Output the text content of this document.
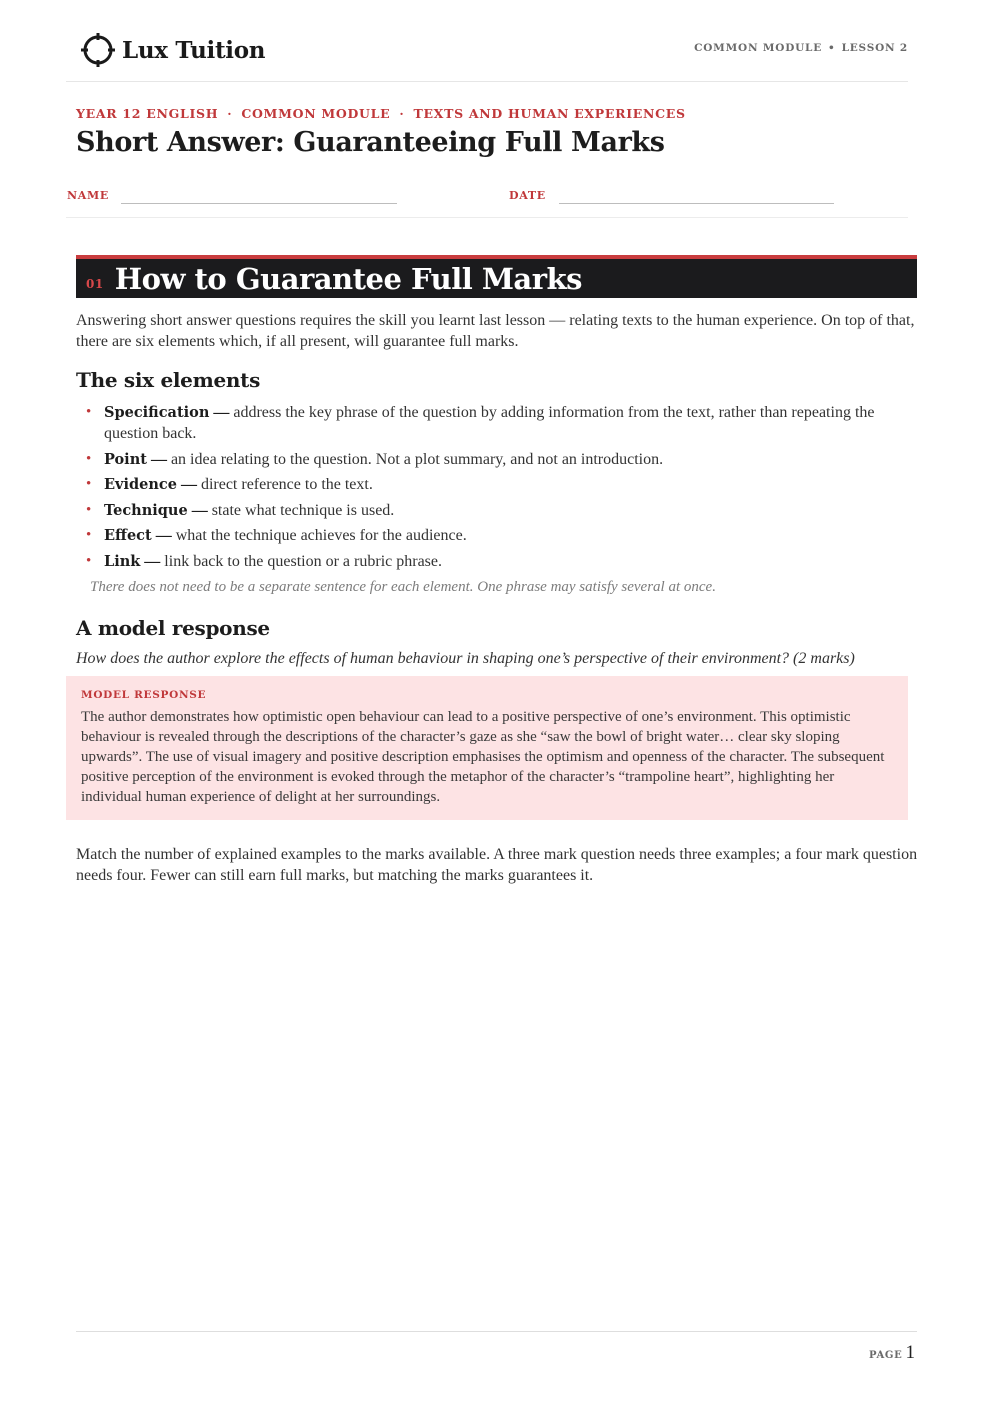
Lux Tuition	COMMON MODULE • LESSON 2
YEAR 12 ENGLISH · COMMON MODULE · TEXTS AND HUMAN EXPERIENCES
Short Answer: Guaranteeing Full Marks
NAME	DATE
01 How to Guarantee Full Marks

Answering short answer questions requires the skill you learnt last lesson — relating texts to the human experience. On top of that, there are six elements which, if all present, will guarantee full marks.

The six elements
• Specification — address the key phrase of the question by adding information from the text, rather than repeating the question back.
• Point — an idea relating to the question. Not a plot summary, and not an introduction.
• Evidence — direct reference to the text.
• Technique — state what technique is used.
• Effect — what the technique achieves for the audience.
• Link — link back to the question or a rubric phrase.
There does not need to be a separate sentence for each element. One phrase may satisfy several at once.
A model response
How does the author explore the effects of human behaviour in shaping one’s perspective of their environment? (2 marks)
MODEL RESPONSE

The author demonstrates how optimistic open behaviour can lead to a positive perspective of one’s environment. This optimistic behaviour is revealed through the descriptions of the character’s gaze as she “saw the bowl of bright water… clear sky sloping upwards”. The use of visual imagery and positive description emphasises the optimism and openness of the character. The subsequent positive perception of the environment is evoked through the metaphor of the character’s “trampoline heart”, highlighting her individual human experience of delight at her surroundings.

Match the number of explained examples to the marks available. A three mark question needs three examples; a four mark question needs four. Fewer can still earn full marks, but matching the marks guarantees it.

PAGE 1
